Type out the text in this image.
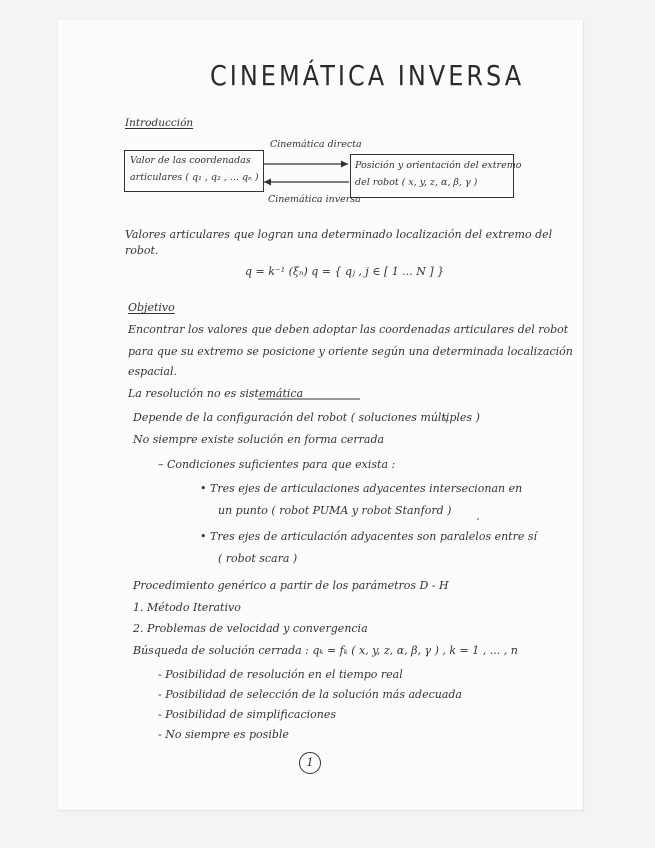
CINEMÁTICA INVERSA
Introducción
Valor de las coordenadas
articulares ( q₁ , q₂ , ... qₙ )
Posición y orientación del extremo
del robot ( x, y, z, α, β, γ )
Cinemática directa
Cinemática inversa
Valores articulares que logran una determinado localización del extremo del
robot.
q = k⁻¹ (ξₙ) q = { qⱼ , j ∈ [ 1 ... N ] }
Objetivo
Encontrar los valores que deben adoptar las coordenadas articulares del robot
para que su extremo se posicione y oriente según una determinada localización
espacial.
La resolución no es sistemática
Depende de la configuración del robot ( soluciones múltiples )
No siempre existe solución en forma cerrada
– Condiciones suficientes para que exista :
• Tres ejes de articulaciones adyacentes intersecionan en
un punto ( robot PUMA y robot Stanford )
• Tres ejes de articulación adyacentes son paralelos entre sí
( robot scara )
Procedimiento genérico a partir de los parámetros D - H
1. Método Iterativo
2. Problemas de velocidad y convergencia
Búsqueda de solución cerrada : qₖ = fₖ ( x, y, z, α, β, γ ) , k = 1 , ... , n
- Posibilidad de resolución en el tiempo real
- Posibilidad de selección de la solución más adecuada
- Posibilidad de simplificaciones
- No siempre es posible
1
